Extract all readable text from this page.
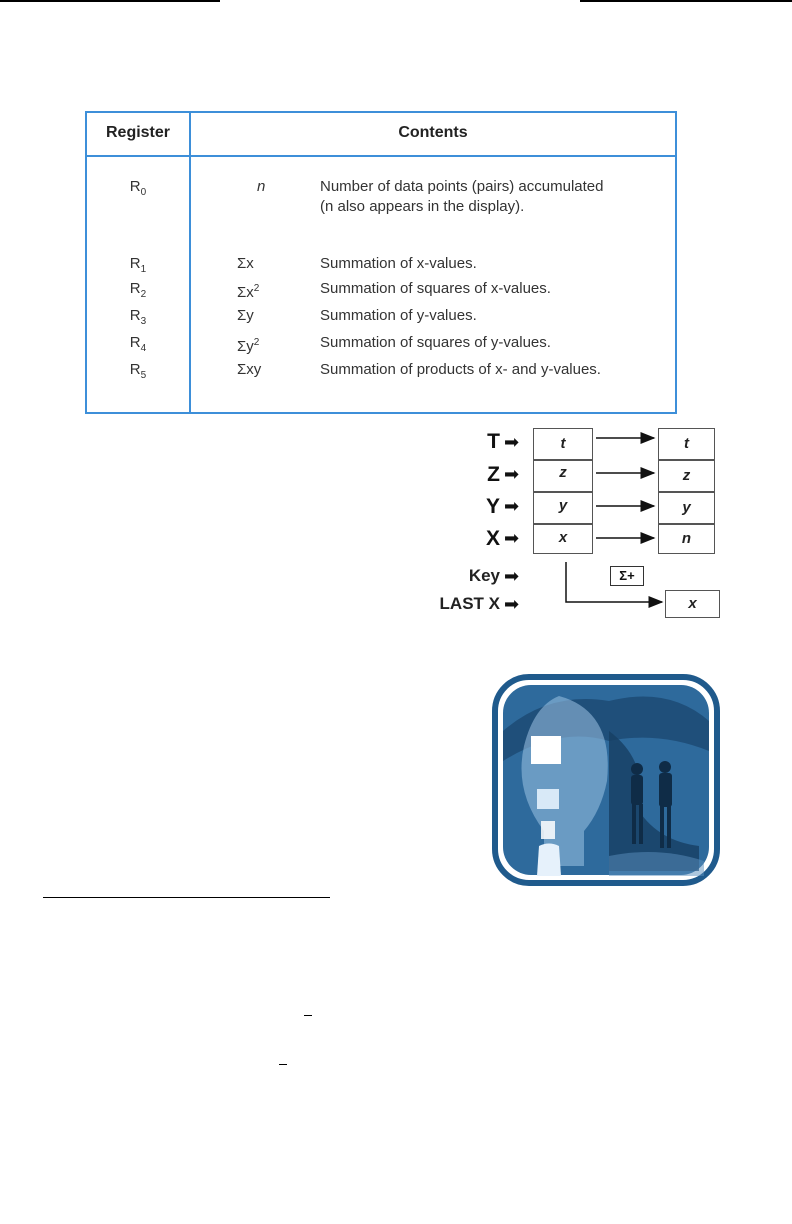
Register	Contents
$R_0$	n	Number of data points (pairs) accumulated (n also appears in the display).
$R_1$	Σx	Summation of x-values.
$R_2$	$\Sigma x^2$	Summation of squares of x-values.
$R_3$	Σy	Summation of y-values.
$R_4$	$\Sigma y^2$	Summation of squares of y-values.
$R_5$	Σxy	Summation of products of x- and y-values.
T
Z
Y
X
➡
➡
➡
➡
t
z
y
x
t
z
y
n
Key ➡	Σ+
LAST X ➡	x
